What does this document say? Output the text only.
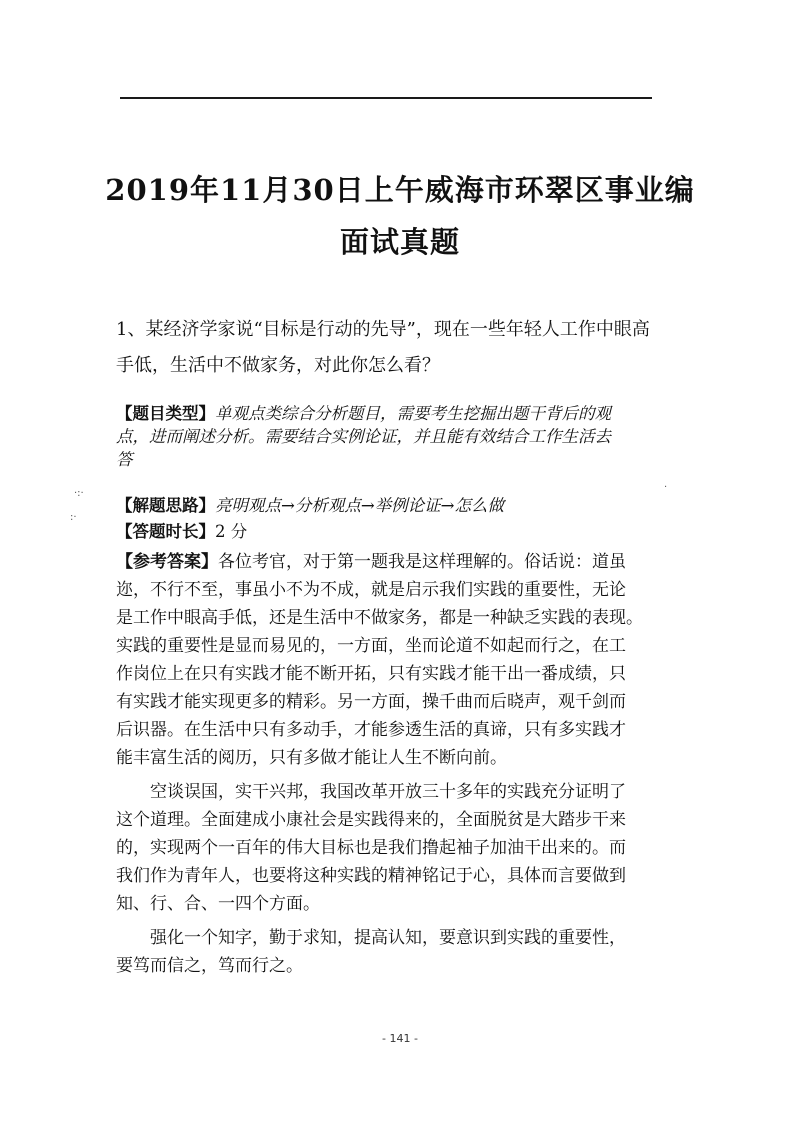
2019年11月30日上午威海市环翠区事业编
面试真题
1、某经济学家说“目标是行动的先导”，现在一些年轻人工作中眼高
手低，生活中不做家务，对此你怎么看？
【题目类型】单观点类综合分析题目，需要考生挖掘出题干背后的观
点，进而阐述分析。需要结合实例论证，并且能有效结合工作生活去
答
【解题思路】亮明观点→分析观点→举例论证→怎么做
【答题时长】2 分
【参考答案】各位考官，对于第一题我是这样理解的。俗话说：道虽
迩，不行不至，事虽小不为不成，就是启示我们实践的重要性，无论
是工作中眼高手低，还是生活中不做家务，都是一种缺乏实践的表现。
实践的重要性是显而易见的，一方面，坐而论道不如起而行之，在工
作岗位上在只有实践才能不断开拓，只有实践才能干出一番成绩，只
有实践才能实现更多的精彩。另一方面，操千曲而后晓声，观千剑而
后识器。在生活中只有多动手，才能参透生活的真谛，只有多实践才
能丰富生活的阅历，只有多做才能让人生不断向前。
空谈误国，实干兴邦，我国改革开放三十多年的实践充分证明了
这个道理。全面建成小康社会是实践得来的，全面脱贫是大踏步干来
的，实现两个一百年的伟大目标也是我们撸起袖子加油干出来的。而
我们作为青年人，也要将这种实践的精神铭记于心，具体而言要做到
知、行、合、一四个方面。
强化一个知字，勤于求知，提高认知，要意识到实践的重要性，
要笃而信之，笃而行之。
·:·
:·
·
- 141 -
